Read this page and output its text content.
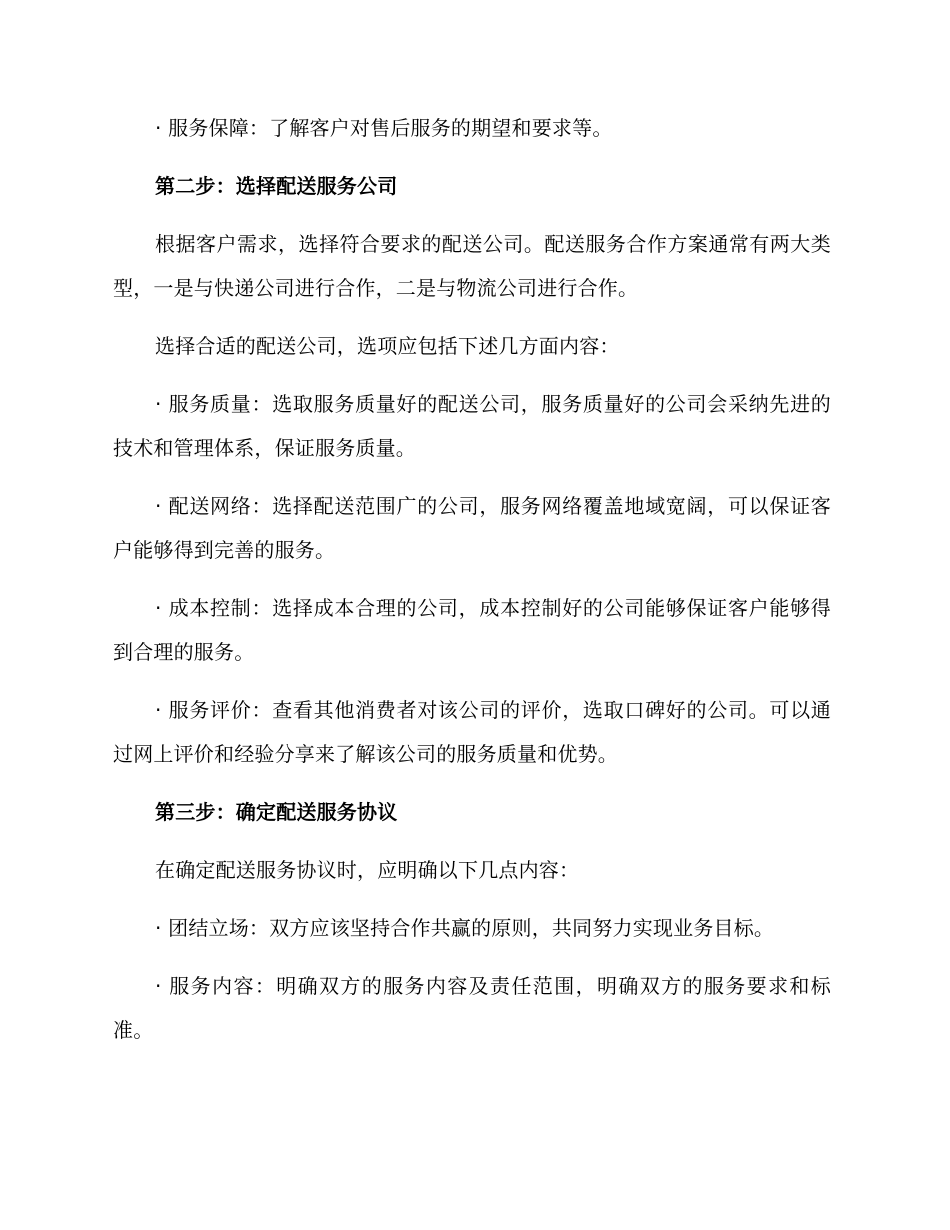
· 服务保障：了解客户对售后服务的期望和要求等。

第二步：选择配送服务公司

根据客户需求，选择符合要求的配送公司。配送服务合作方案通常有两大类型，一是与快递公司进行合作，二是与物流公司进行合作。

选择合适的配送公司，选项应包括下述几方面内容：

· 服务质量：选取服务质量好的配送公司，服务质量好的公司会采纳先进的技术和管理体系，保证服务质量。

· 配送网络：选择配送范围广的公司，服务网络覆盖地域宽阔，可以保证客户能够得到完善的服务。

· 成本控制：选择成本合理的公司，成本控制好的公司能够保证客户能够得到合理的服务。

· 服务评价：查看其他消费者对该公司的评价，选取口碑好的公司。可以通过网上评价和经验分享来了解该公司的服务质量和优势。

第三步：确定配送服务协议

在确定配送服务协议时，应明确以下几点内容：

· 团结立场：双方应该坚持合作共赢的原则，共同努力实现业务目标。

· 服务内容：明确双方的服务内容及责任范围，明确双方的服务要求和标准。
